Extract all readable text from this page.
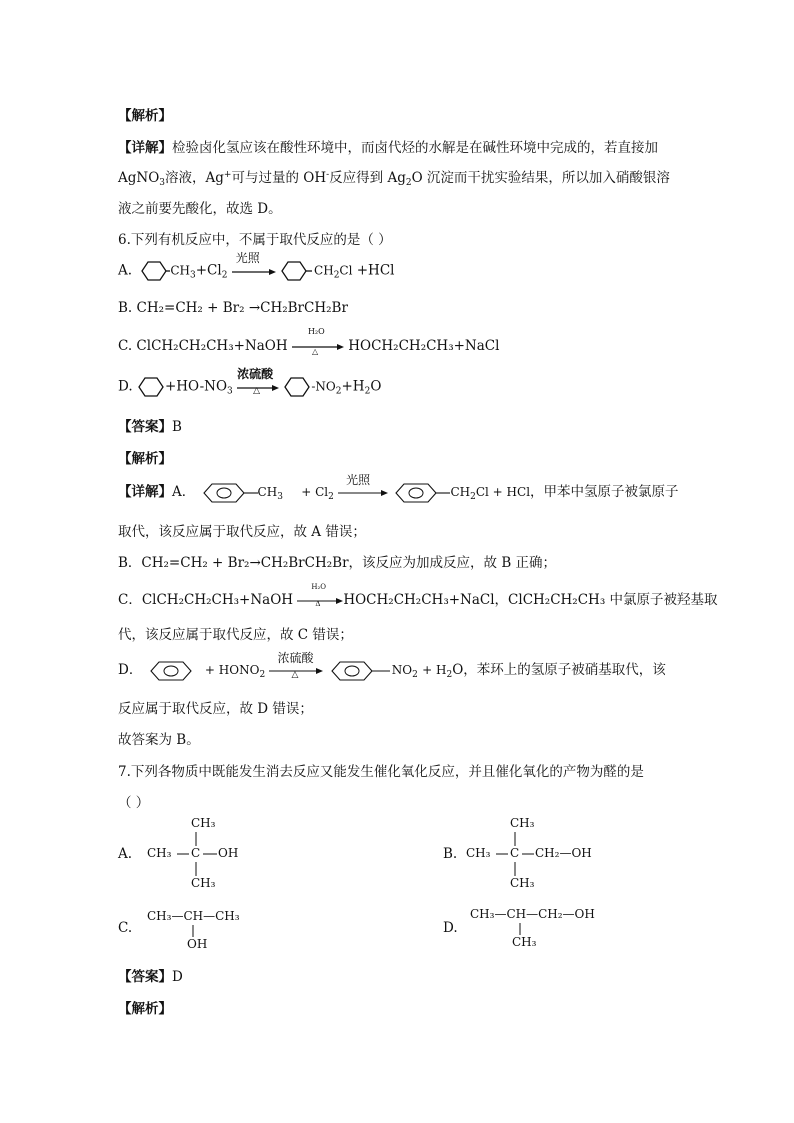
【解析】
【详解】检验卤化氢应该在酸性环境中，而卤代烃的水解是在碱性环境中完成的，若直接加
AgNO$_3$溶液，Ag+可与过量的 OH-反应得到 $Ag_2O$ 沉淀而干扰实验结果，所以加入硝酸银溶
液之前要先酸化，故选 D。
6.下列有机反应中，不属于取代反应的是（ ）
A.	$CH_3+Cl_2$
光照
$CH_2Cl +HCl$
B. CH₂=CH₂ + Br₂ →CH₂BrCH₂Br
C. ClCH₂CH₂CH₃+NaOH
H₂O
△ HOCH₂CH₂CH₃+NaCl
D. $+HO-NO_3$
浓硫酸
△	$-NO_2+H_2O$
【答案】B
【解析】
【详解】A．	$CH_3 + Cl_2$
光照
$CH_2Cl$ + HCl，甲苯中氢原子被氯原子
取代，该反应属于取代反应，故 A 错误；
B．CH₂=CH₂ + Br₂→CH₂BrCH₂Br，该反应为加成反应，故 B 正确；
C．ClCH₂CH₂CH₃+NaOH
H₂O
Δ HOCH₂CH₂CH₃+NaCl，ClCH₂CH₂CH₃ 中氯原子被羟基取
代，该反应属于取代反应，故 C 错误；
D．	+ $HONO_2$
浓硫酸
△	$NO_2 + H_2O$，苯环上的氢原子被硝基取代，该
反应属于取代反应，故 D 错误；
故答案为 B。
7.下列各物质中既能发生消去反应又能发生催化氧化反应，并且催化氧化的产物为醛的是
（ ）
A.
CH₃
CH₃ C OH
CH₃
B.
CH₃
CH₃ C CH₂—OH
CH₃
C.
CH₃—CH—CH₃
OH
D.
CH₃—CH—CH₂—OH
CH₃
【答案】D
【解析】
